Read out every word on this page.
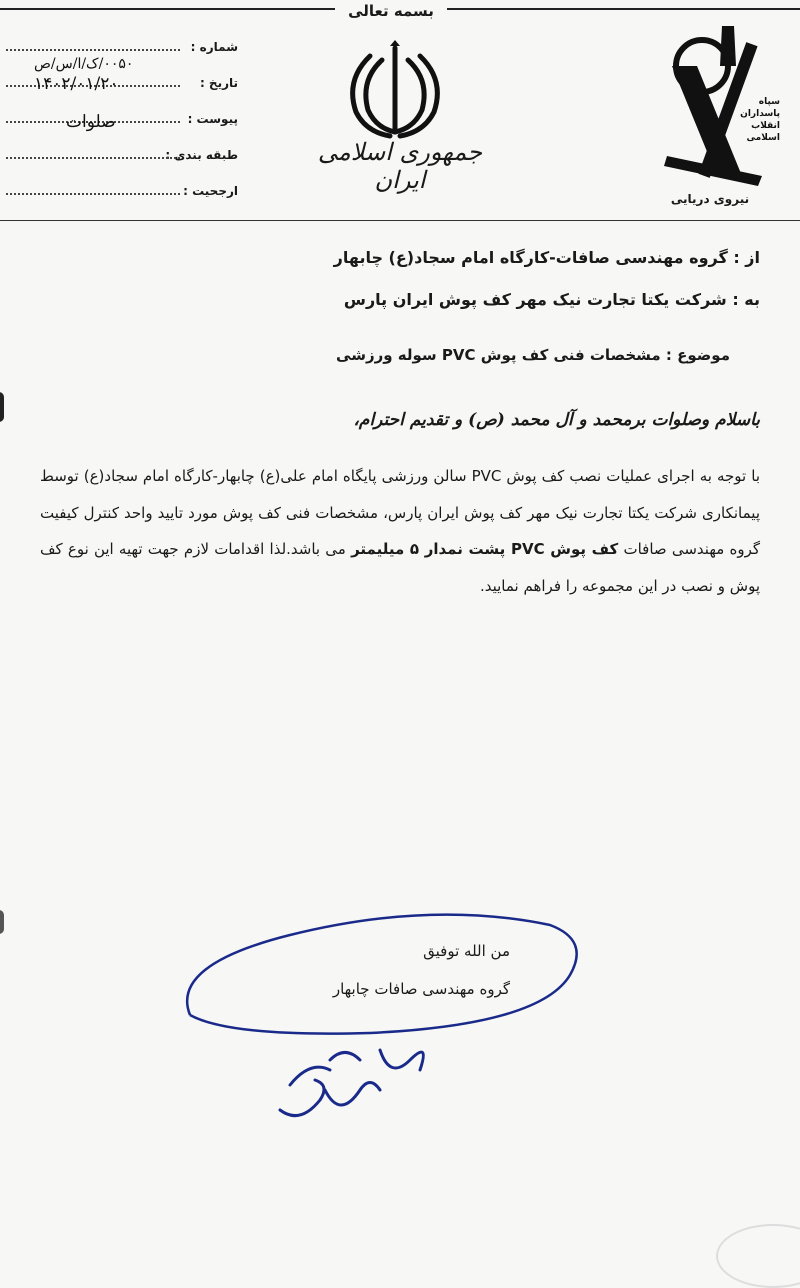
بسمه تعالی
شماره :
تاریخ :
پیوست :
طبقه بندی :
ارجحیت :
۰۰۵۰/ک/ا/س/ص
۱۴۰۲/۰۱/۲۰
صلوات
جمهوری اسلامی ایران
سپاه
پاسداران
انقلاب
اسلامی
نیروی دریایی
از : گروه مهندسی صافات-کارگاه امام سجاد(ع) چابهار
به : شرکت یکتا تجارت نیک مهر کف پوش ایران پارس
موضوع : مشخصات فنی کف پوش PVC سوله ورزشی
باسلام وصلوات برمحمد و آل محمد (ص) و تقدیم احترام،
با توجه به اجرای عملیات نصب کف پوش PVC سالن ورزشی پایگاه امام علی(ع) چابهار-کارگاه امام سجاد(ع) توسط پیمانکاری شرکت یکتا تجارت نیک مهر کف پوش ایران پارس، مشخصات فنی کف پوش مورد تایید واحد کنترل کیفیت گروه مهندسی صافات کف پوش PVC پشت نمدار ۵ میلیمتر می باشد.لذا اقدامات لازم جهت تهیه این نوع کف پوش و نصب در این مجموعه را فراهم نمایید.
من الله توفیق
گروه مهندسی صافات چابهار
